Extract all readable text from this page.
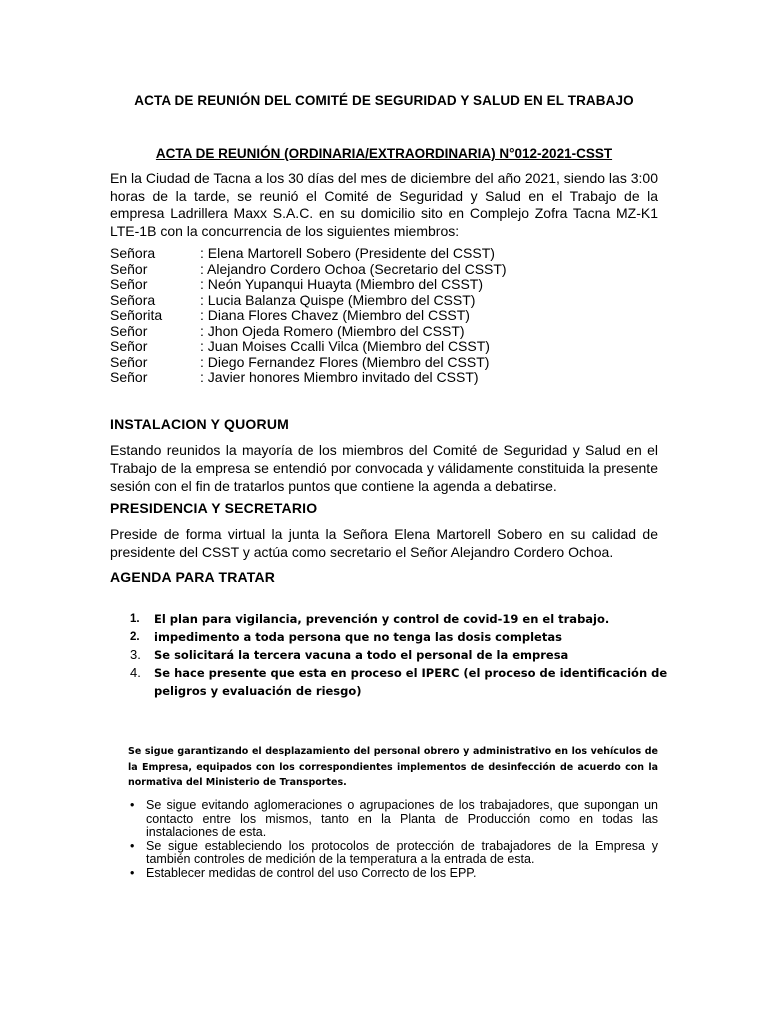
ACTA DE REUNIÓN DEL COMITÉ DE SEGURIDAD Y SALUD EN EL TRABAJO
ACTA DE REUNIÓN (ORDINARIA/EXTRAORDINARIA) N°012-2021-CSST

En la Ciudad de Tacna a los 30 días del mes de diciembre del año 2021, siendo las 3:00 horas de la tarde, se reunió el Comité de Seguridad y Salud en el Trabajo de la empresa Ladrillera Maxx S.A.C. en su domicilio sito en Complejo Zofra Tacna MZ-K1 LTE-1B con la concurrencia de los siguientes miembros:

Señora	: Elena Martorell Sobero (Presidente del CSST)
Señor	: Alejandro Cordero Ochoa (Secretario del CSST)
Señor	: Neón Yupanqui Huayta (Miembro del CSST)
Señora	: Lucia Balanza Quispe (Miembro del CSST)
Señorita	: Diana Flores Chavez (Miembro del CSST)
Señor	: Jhon Ojeda Romero (Miembro del CSST)
Señor	: Juan Moises Ccalli Vilca (Miembro del CSST)
Señor	: Diego Fernandez Flores (Miembro del CSST)
Señor	: Javier honores Miembro invitado del CSST)
INSTALACION Y QUORUM

Estando reunidos la mayoría de los miembros del Comité de Seguridad y Salud en el Trabajo de la empresa se entendió por convocada y válidamente constituida la presente sesión con el fin de tratarlos puntos que contiene la agenda a debatirse.

PRESIDENCIA Y SECRETARIO

Preside de forma virtual la junta la Señora Elena Martorell Sobero en su calidad de presidente del CSST y actúa como secretario el Señor Alejandro Cordero Ochoa.

AGENDA PARA TRATAR
1.	El plan para vigilancia, prevención y control de covid-19 en el trabajo.
2.	impedimento a toda persona que no tenga las dosis completas
3.	Se solicitará la tercera vacuna a todo el personal de la empresa
4.	Se hace presente que esta en proceso el IPERC (el proceso de identificación de peligros y evaluación de riesgo)

Se sigue garantizando el desplazamiento del personal obrero y administrativo en los vehículos de la Empresa, equipados con los correspondientes implementos de desinfección de acuerdo con la normativa del Ministerio de Transportes.

• Se sigue evitando aglomeraciones o agrupaciones de los trabajadores, que supongan un contacto entre los mismos, tanto en la Planta de Producción como en todas las instalaciones de esta.
• Se sigue estableciendo los protocolos de protección de trabajadores de la Empresa y también controles de medición de la temperatura a la entrada de esta.
• Establecer medidas de control del uso Correcto de los EPP.
